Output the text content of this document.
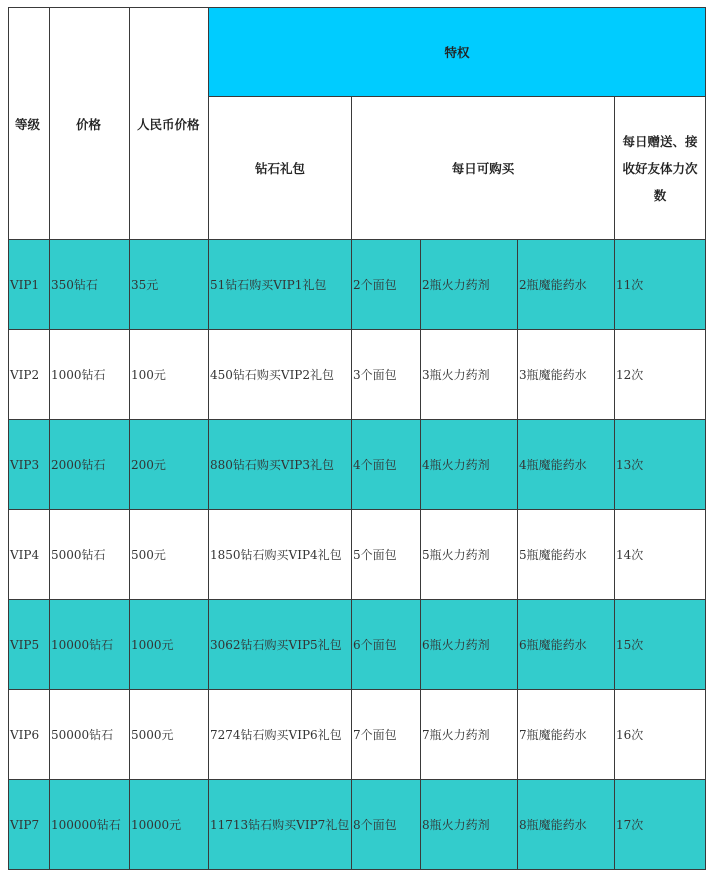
等级	价格	人民币价格	特权				
			钻石礼包	每日可购买			每日赠送、接收好友体力次数
VIP1	350钻石	35元	51钻石购买VIP1礼包	2个面包	2瓶火力药剂	2瓶魔能药水	11次
VIP2	1000钻石	100元	450钻石购买VIP2礼包	3个面包	3瓶火力药剂	3瓶魔能药水	12次
VIP3	2000钻石	200元	880钻石购买VIP3礼包	4个面包	4瓶火力药剂	4瓶魔能药水	13次
VIP4	5000钻石	500元	1850钻石购买VIP4礼包	5个面包	5瓶火力药剂	5瓶魔能药水	14次
VIP5	10000钻石	1000元	3062钻石购买VIP5礼包	6个面包	6瓶火力药剂	6瓶魔能药水	15次
VIP6	50000钻石	5000元	7274钻石购买VIP6礼包	7个面包	7瓶火力药剂	7瓶魔能药水	16次
VIP7	100000钻石	10000元	11713钻石购买VIP7礼包	8个面包	8瓶火力药剂	8瓶魔能药水	17次
